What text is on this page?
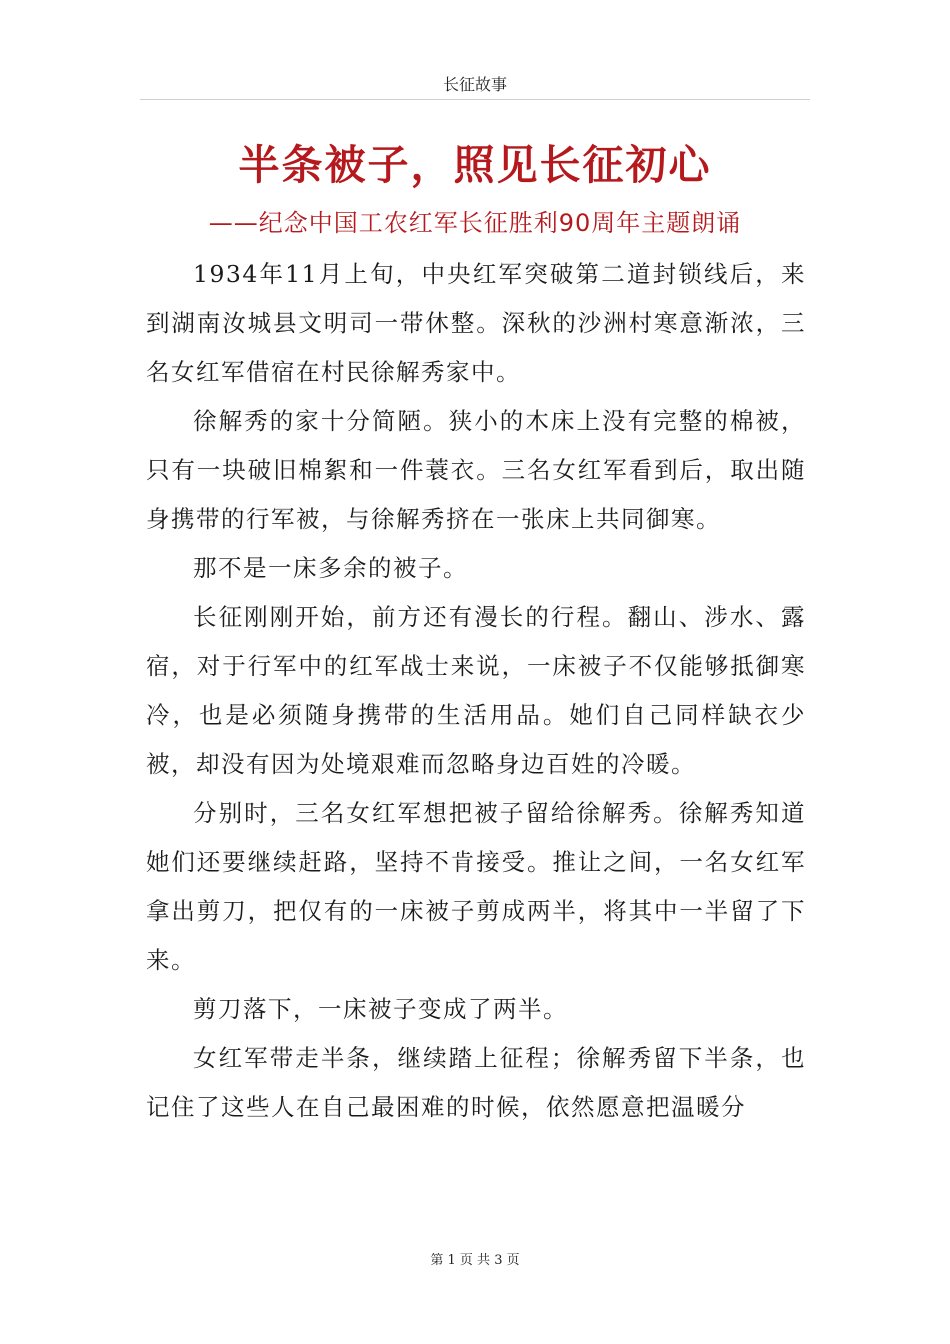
长征故事
半条被子，照见长征初心
——纪念中国工农红军长征胜利90周年主题朗诵

1934年11月上旬，中央红军突破第二道封锁线后，来到湖南汝城县文明司一带休整。深秋的沙洲村寒意渐浓，三名女红军借宿在村民徐解秀家中。

徐解秀的家十分简陋。狭小的木床上没有完整的棉被，只有一块破旧棉絮和一件蓑衣。三名女红军看到后，取出随身携带的行军被，与徐解秀挤在一张床上共同御寒。

那不是一床多余的被子。

长征刚刚开始，前方还有漫长的行程。翻山、涉水、露宿，对于行军中的红军战士来说，一床被子不仅能够抵御寒冷，也是必须随身携带的生活用品。她们自己同样缺衣少被，却没有因为处境艰难而忽略身边百姓的冷暖。

分别时，三名女红军想把被子留给徐解秀。徐解秀知道她们还要继续赶路，坚持不肯接受。推让之间，一名女红军拿出剪刀，把仅有的一床被子剪成两半，将其中一半留了下来。

剪刀落下，一床被子变成了两半。

女红军带走半条，继续踏上征程；徐解秀留下半条，也记住了这些人在自己最困难的时候，依然愿意把温暖分

第 1 页 共 3 页
